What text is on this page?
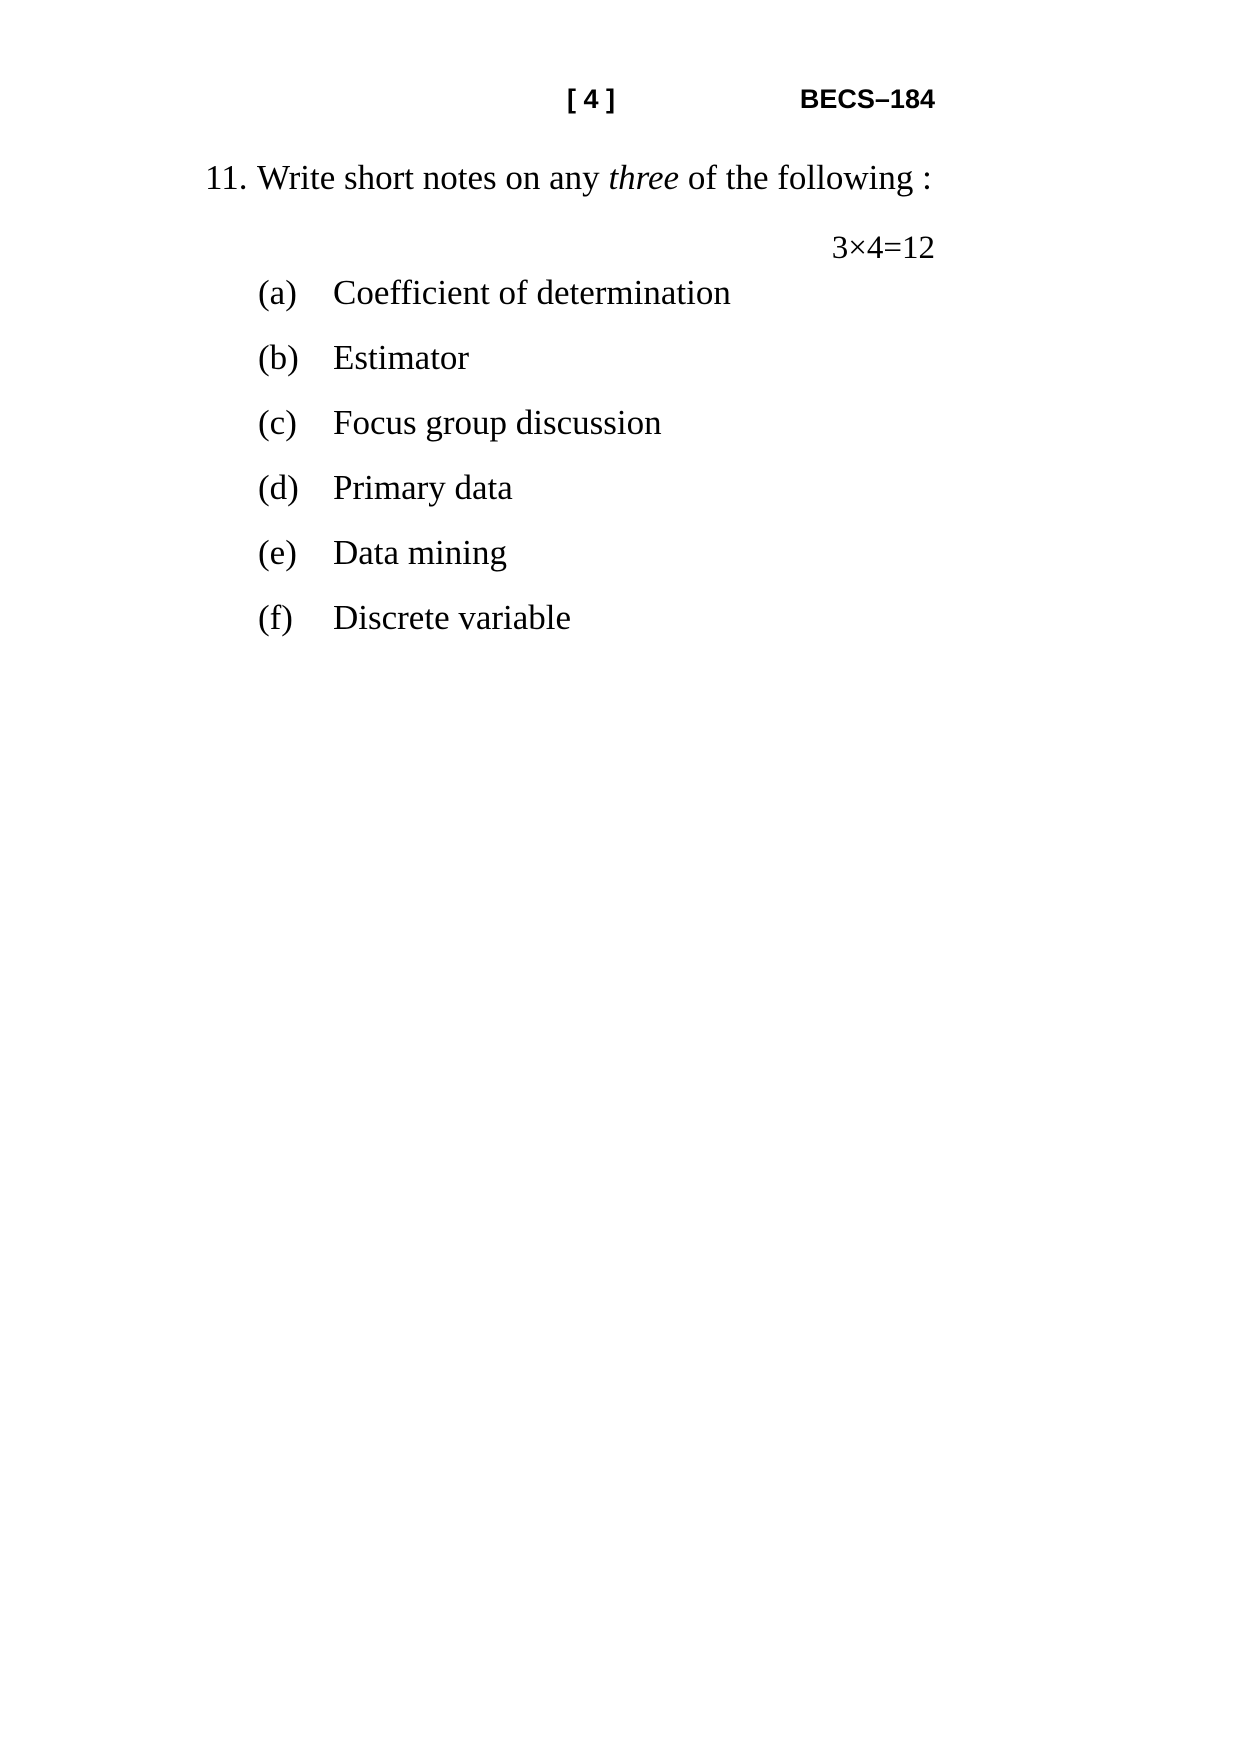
[ 4 ]	BECS–184
11. Write short notes on any three of the following :
3×4=12
(a) Coefficient of determination
(b) Estimator
(c) Focus group discussion
(d) Primary data
(e) Data mining
(f) Discrete variable
